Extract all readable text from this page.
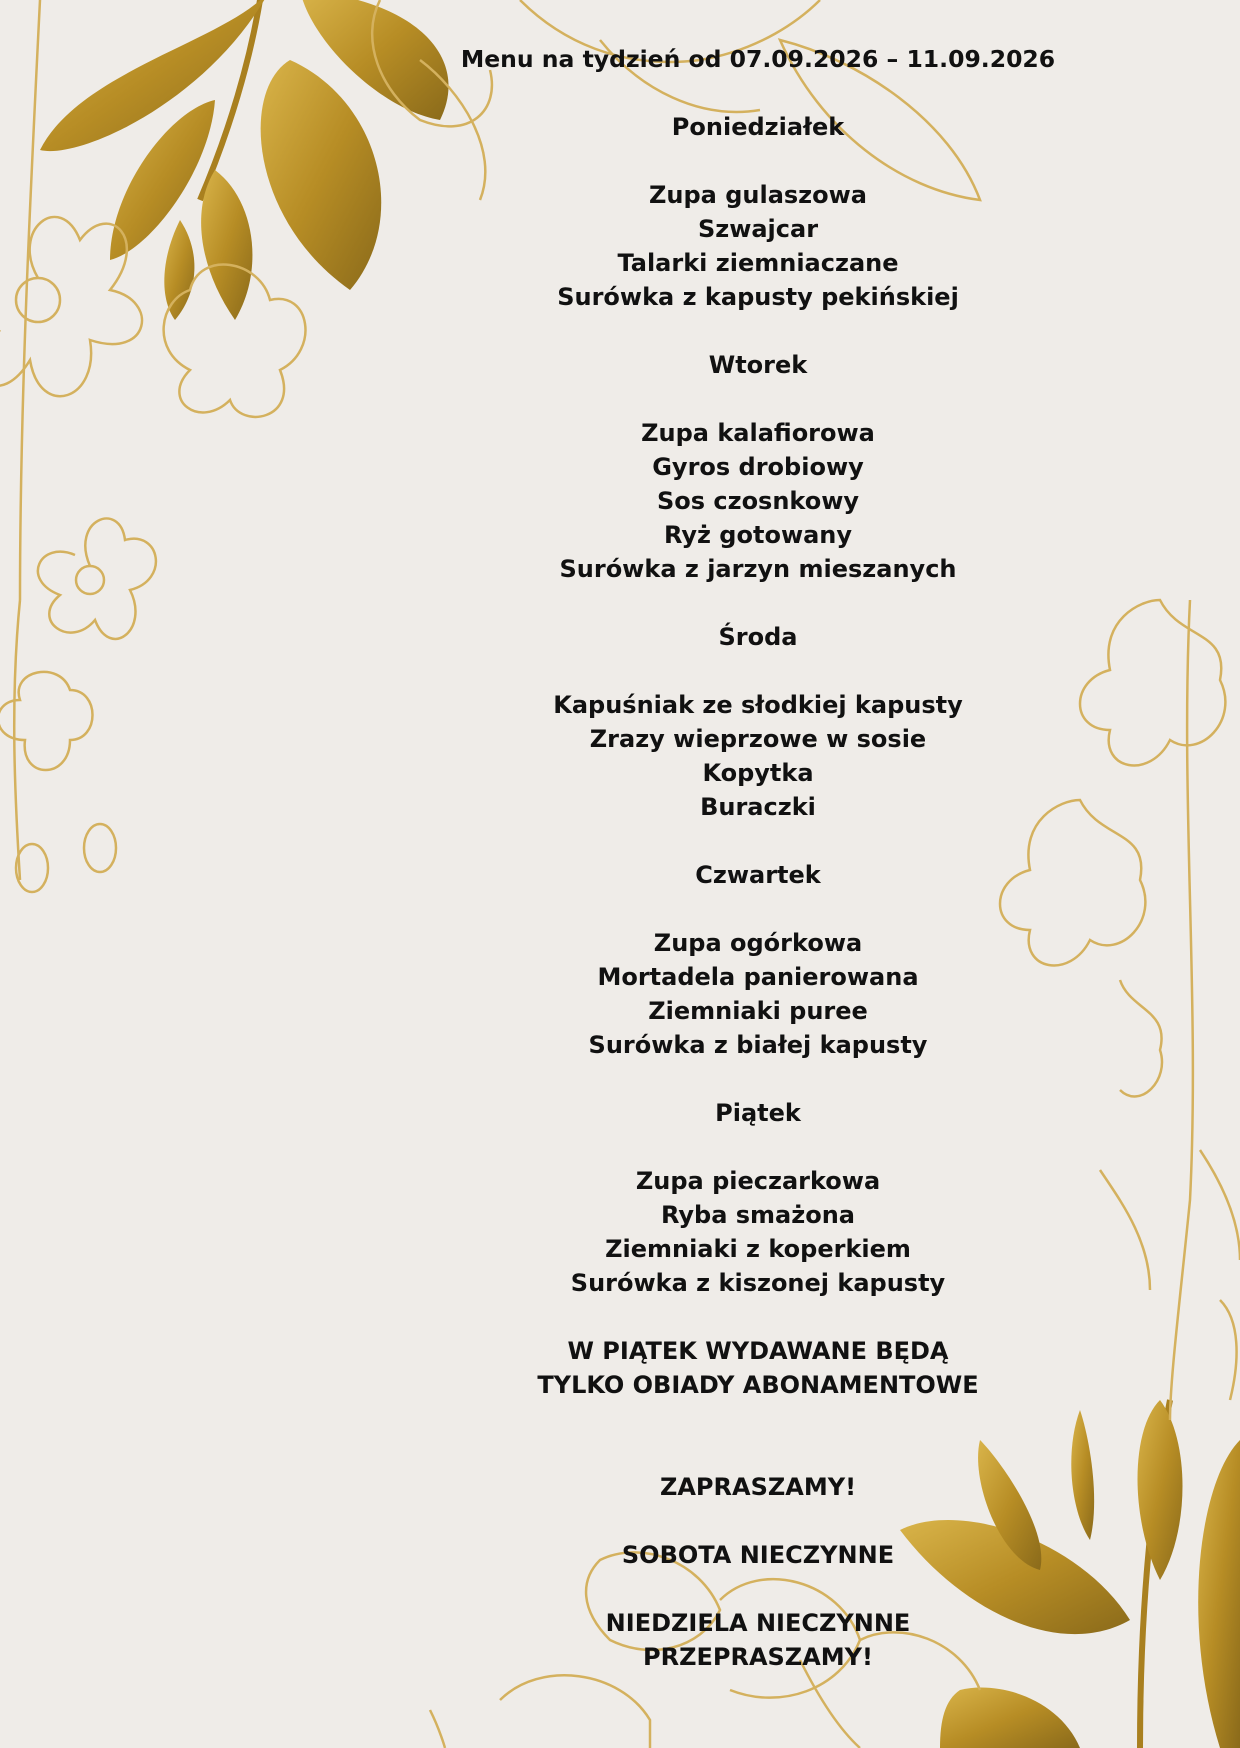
Menu na tydzień od 07.09.2026 – 11.09.2026
Poniedziałek
Zupa gulaszowa
Szwajcar
Talarki ziemniaczane
Surówka z kapusty pekińskiej
Wtorek
Zupa kalafiorowa
Gyros drobiowy
Sos czosnkowy
Ryż gotowany
Surówka z jarzyn mieszanych
Środa
Kapuśniak ze słodkiej kapusty
Zrazy wieprzowe w sosie
Kopytka
Buraczki
Czwartek
Zupa ogórkowa
Mortadela panierowana
Ziemniaki puree
Surówka z białej kapusty
Piątek
Zupa pieczarkowa
Ryba smażona
Ziemniaki z koperkiem
Surówka z kiszonej kapusty
W PIĄTEK WYDAWANE BĘDĄ
TYLKO OBIADY ABONAMENTOWE
ZAPRASZAMY!
SOBOTA NIECZYNNE
NIEDZIELA NIECZYNNE
PRZEPRASZAMY!
